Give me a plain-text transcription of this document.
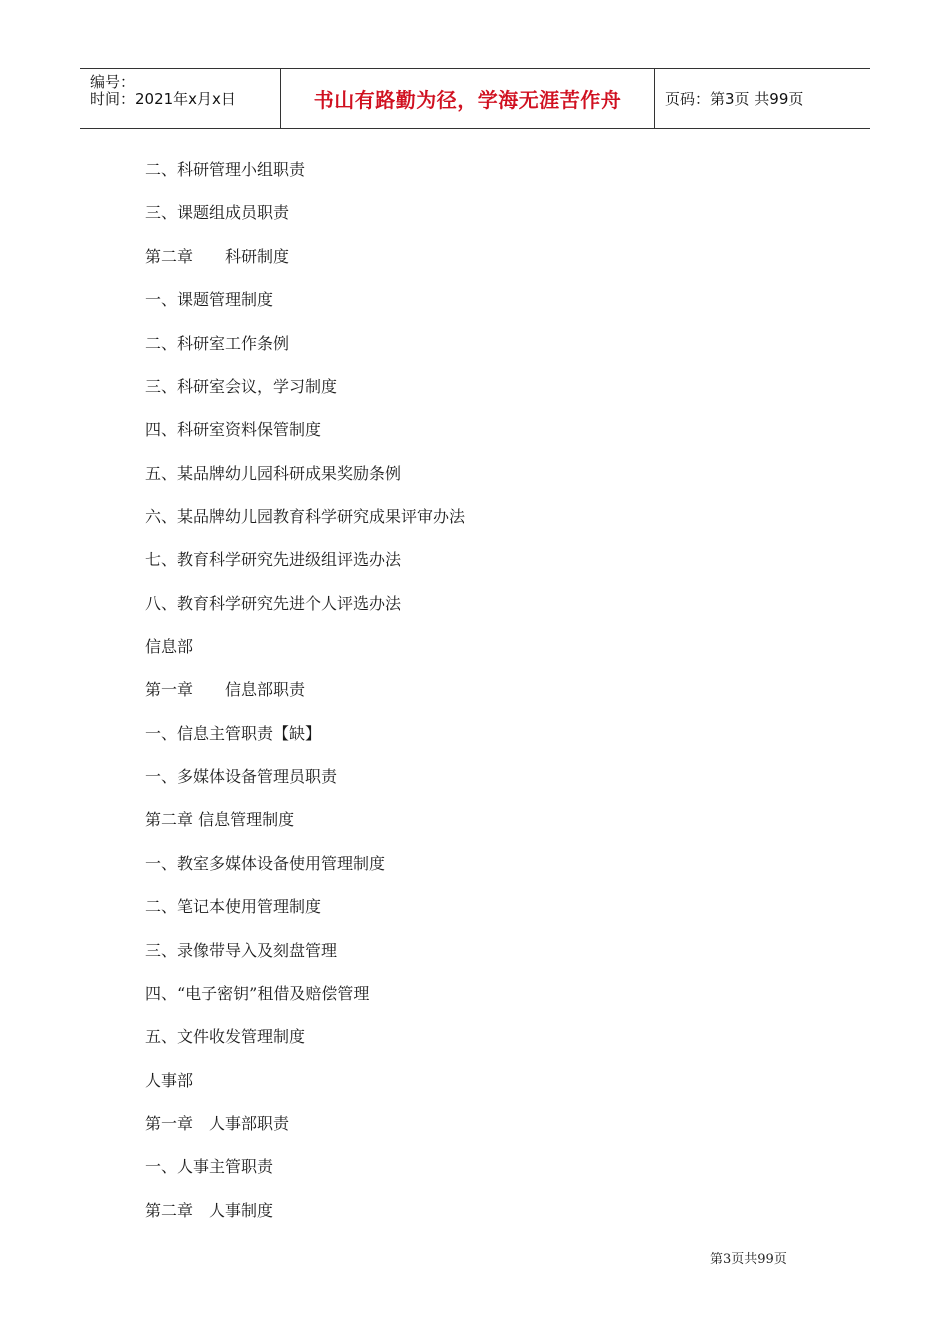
编号：
时间：2021年x月x日	书山有路勤为径，学海无涯苦作舟	页码：第3页 共99页
二、科研管理小组职责
三、课题组成员职责
第二章　　科研制度
一、课题管理制度
二、科研室工作条例
三、科研室会议，学习制度
四、科研室资料保管制度
五、某品牌幼儿园科研成果奖励条例
六、某品牌幼儿园教育科学研究成果评审办法
七、教育科学研究先进级组评选办法
八、教育科学研究先进个人评选办法
信息部
第一章　　信息部职责
一、信息主管职责【缺】
一、多媒体设备管理员职责
第二章 信息管理制度
一、教室多媒体设备使用管理制度
二、笔记本使用管理制度
三、录像带导入及刻盘管理
四、“电子密钥”租借及赔偿管理
五、文件收发管理制度
人事部
第一章　人事部职责
一、人事主管职责
第二章　人事制度
第3页共99页
